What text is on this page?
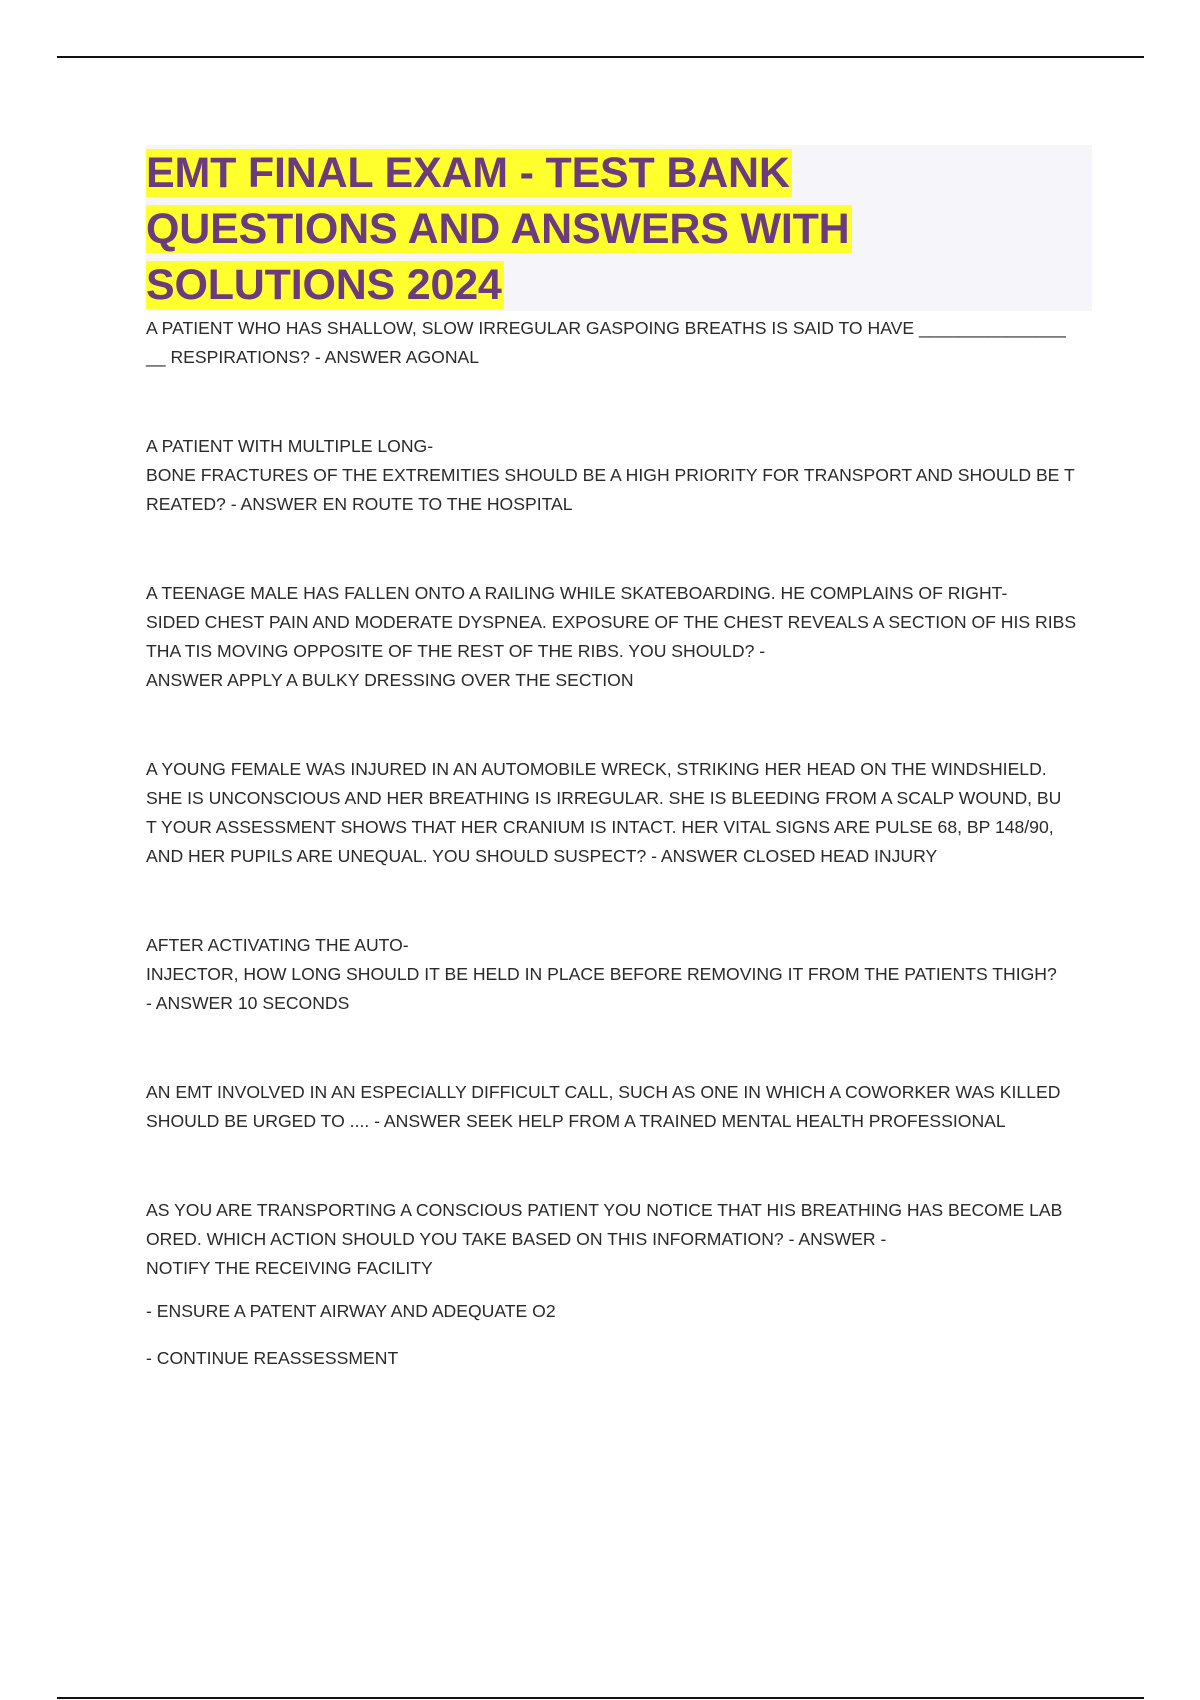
EMT FINAL EXAM - TEST BANK
QUESTIONS AND ANSWERS WITH
SOLUTIONS 2024

A PATIENT WHO HAS SHALLOW, SLOW IRREGULAR GASPOING BREATHS IS SAID TO HAVE _______________
__ RESPIRATIONS? - ANSWER AGONAL

A PATIENT WITH MULTIPLE LONG-
BONE FRACTURES OF THE EXTREMITIES SHOULD BE A HIGH PRIORITY FOR TRANSPORT AND SHOULD BE T
REATED? - ANSWER EN ROUTE TO THE HOSPITAL

A TEENAGE MALE HAS FALLEN ONTO A RAILING WHILE SKATEBOARDING. HE COMPLAINS OF RIGHT-
SIDED CHEST PAIN AND MODERATE DYSPNEA. EXPOSURE OF THE CHEST REVEALS A SECTION OF HIS RIBS
THA TIS MOVING OPPOSITE OF THE REST OF THE RIBS. YOU SHOULD? -
ANSWER APPLY A BULKY DRESSING OVER THE SECTION

A YOUNG FEMALE WAS INJURED IN AN AUTOMOBILE WRECK, STRIKING HER HEAD ON THE WINDSHIELD.
SHE IS UNCONSCIOUS AND HER BREATHING IS IRREGULAR. SHE IS BLEEDING FROM A SCALP WOUND, BU
T YOUR ASSESSMENT SHOWS THAT HER CRANIUM IS INTACT. HER VITAL SIGNS ARE PULSE 68, BP 148/90,
AND HER PUPILS ARE UNEQUAL. YOU SHOULD SUSPECT? - ANSWER CLOSED HEAD INJURY

AFTER ACTIVATING THE AUTO-
INJECTOR, HOW LONG SHOULD IT BE HELD IN PLACE BEFORE REMOVING IT FROM THE PATIENTS THIGH?
- ANSWER 10 SECONDS

AN EMT INVOLVED IN AN ESPECIALLY DIFFICULT CALL, SUCH AS ONE IN WHICH A COWORKER WAS KILLED
SHOULD BE URGED TO .... - ANSWER SEEK HELP FROM A TRAINED MENTAL HEALTH PROFESSIONAL

AS YOU ARE TRANSPORTING A CONSCIOUS PATIENT YOU NOTICE THAT HIS BREATHING HAS BECOME LAB
ORED. WHICH ACTION SHOULD YOU TAKE BASED ON THIS INFORMATION? - ANSWER -
NOTIFY THE RECEIVING FACILITY

- ENSURE A PATENT AIRWAY AND ADEQUATE O2

- CONTINUE REASSESSMENT
